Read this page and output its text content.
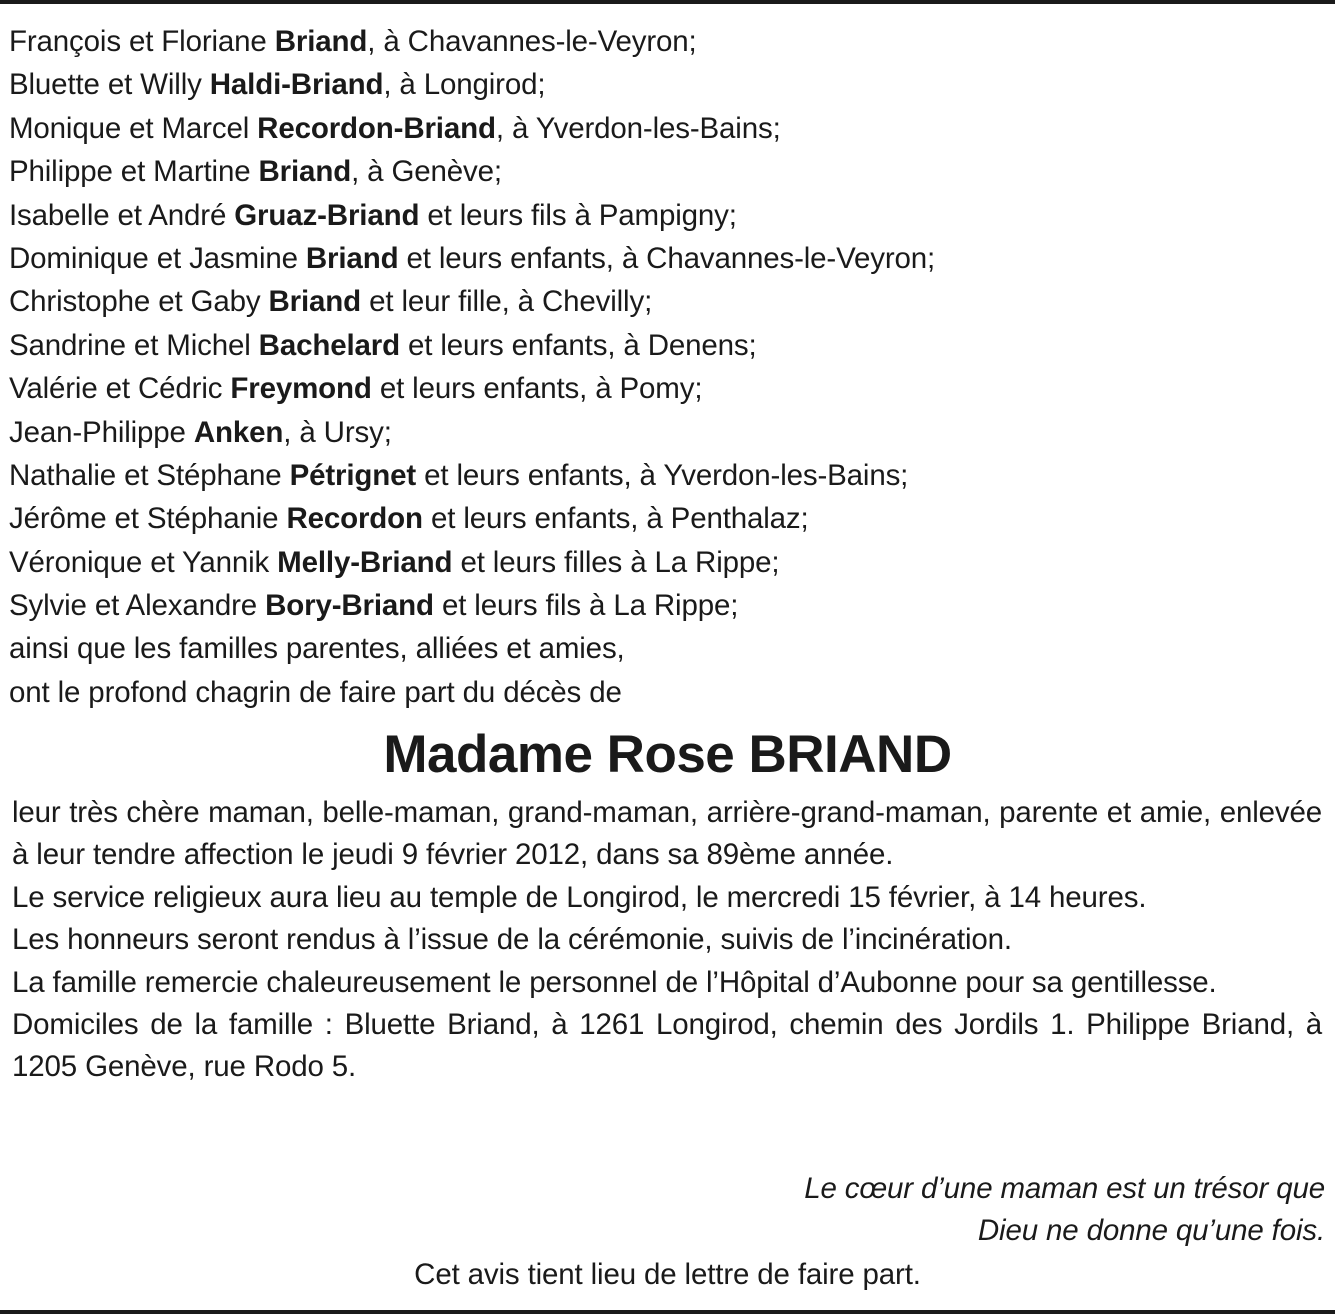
François et Floriane Briand, à Chavannes-le-Veyron;
Bluette et Willy Haldi-Briand, à Longirod;
Monique et Marcel Recordon-Briand, à Yverdon-les-Bains;
Philippe et Martine Briand, à Genève;
Isabelle et André Gruaz-Briand et leurs fils à Pampigny;
Dominique et Jasmine Briand et leurs enfants, à Chavannes-le-Veyron;
Christophe et Gaby Briand et leur fille, à Chevilly;
Sandrine et Michel Bachelard et leurs enfants, à Denens;
Valérie et Cédric Freymond et leurs enfants, à Pomy;
Jean-Philippe Anken, à Ursy;
Nathalie et Stéphane Pétrignet et leurs enfants, à Yverdon-les-Bains;
Jérôme et Stéphanie Recordon et leurs enfants, à Penthalaz;
Véronique et Yannik Melly-Briand et leurs filles à La Rippe;
Sylvie et Alexandre Bory-Briand et leurs fils à La Rippe;
ainsi que les familles parentes, alliées et amies,
ont le profond chagrin de faire part du décès de
Madame Rose BRIAND

leur très chère maman, belle-maman, grand-maman, arrière-grand-maman, parente et amie, enlevée à leur tendre affection le jeudi 9 février 2012, dans sa 89ème année.

Le service religieux aura lieu au temple de Longirod, le mercredi 15 février, à 14 heures.

Les honneurs seront rendus à l’issue de la cérémonie, suivis de l’incinération.

La famille remercie chaleureusement le personnel de l’Hôpital d’Aubonne pour sa gentillesse.

Domiciles de la famille : Bluette Briand, à 1261 Longirod, chemin des Jordils 1. Philippe Briand, à 1205 Genève, rue Rodo 5.

Le cœur d’une maman est un trésor que
Dieu ne donne qu’une fois.
Cet avis tient lieu de lettre de faire part.
